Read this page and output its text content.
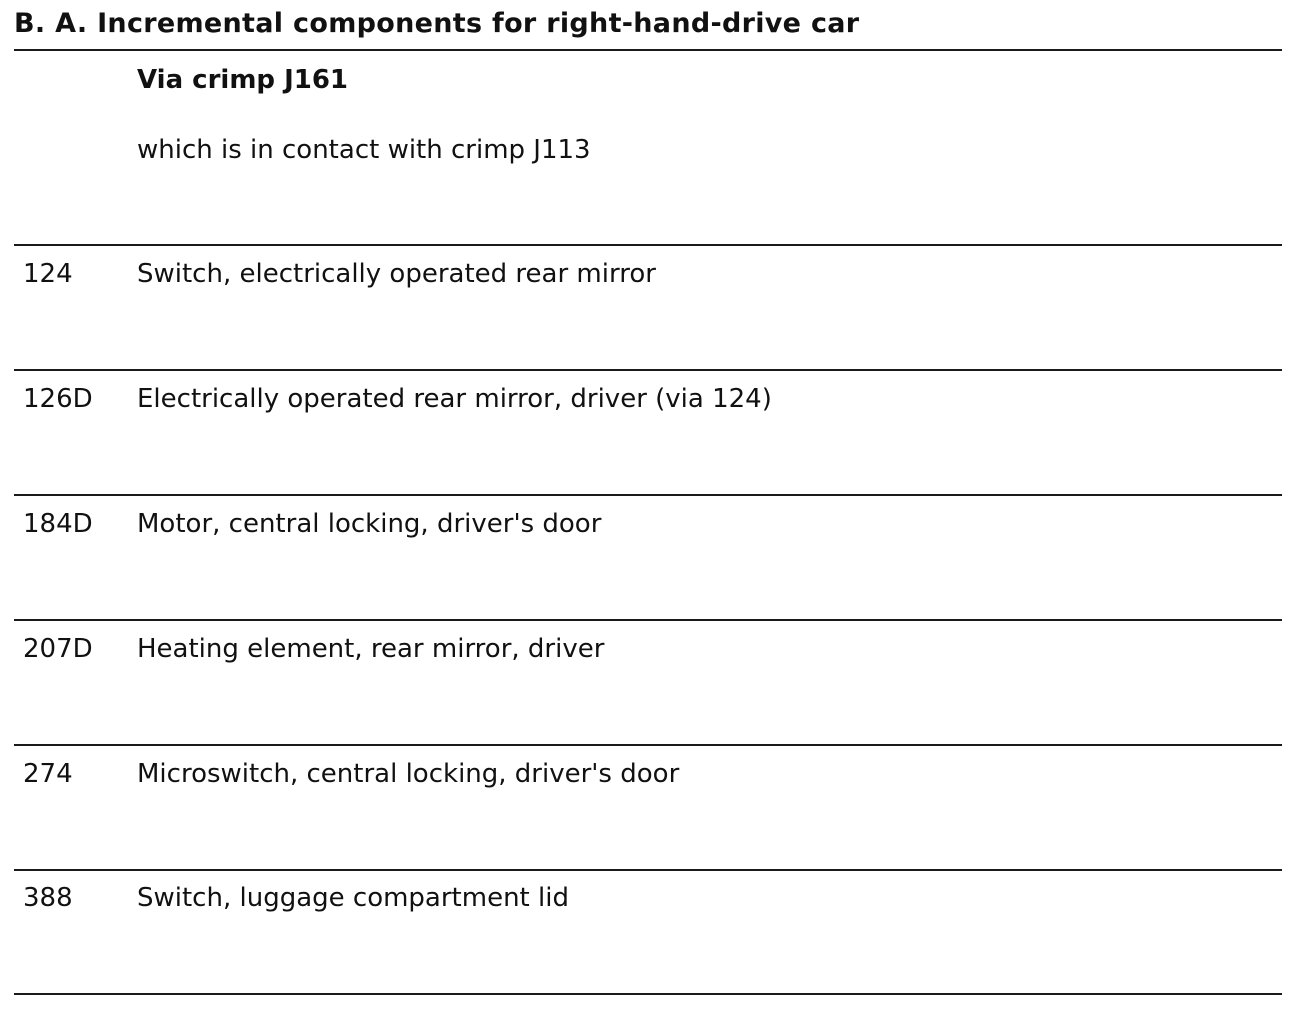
B. A. Incremental components for right-hand-drive car
Via crimp J161
which is in contact with crimp J113
124 Switch, electrically operated rear mirror
126D Electrically operated rear mirror, driver (via 124)
184D Motor, central locking, driver's door
207D Heating element, rear mirror, driver
274 Microswitch, central locking, driver's door
388 Switch, luggage compartment lid
